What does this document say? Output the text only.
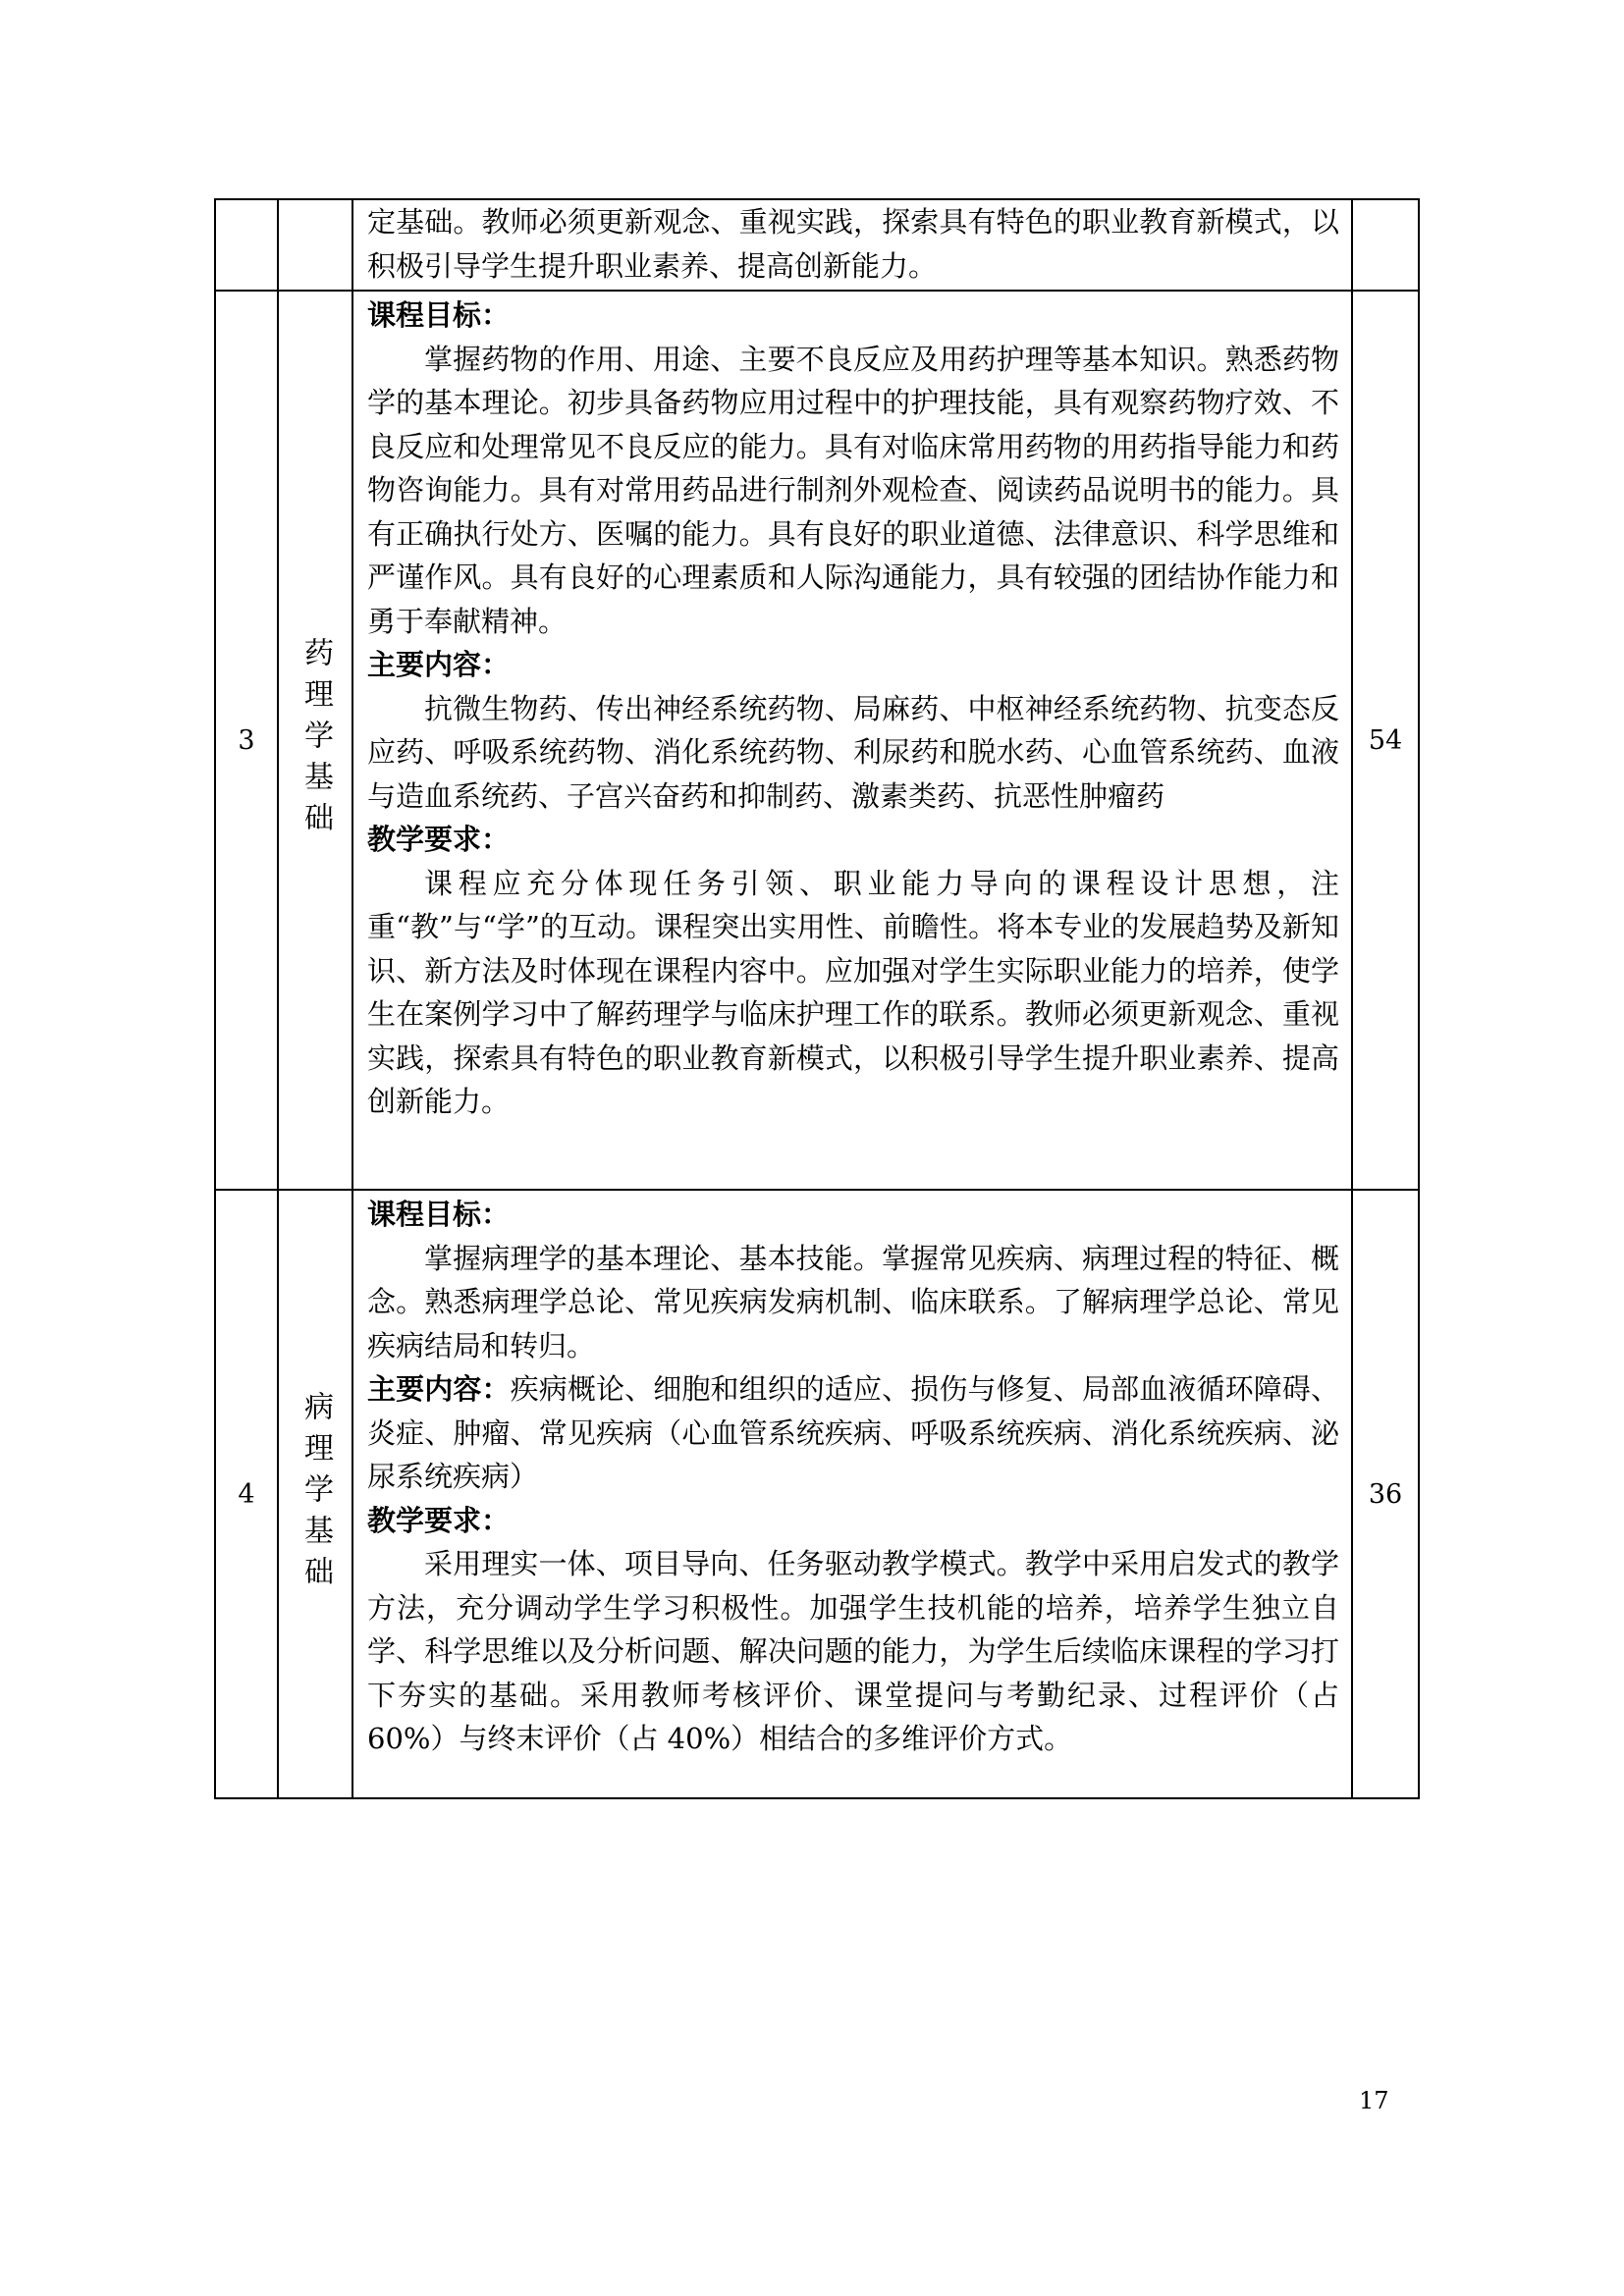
定基础。教师必须更新观念、重视实践，探索具有特色的职业教育新模式，以积极引导学生提升职业素养、提高创新能力。

3	药理学基础

课程目标：

掌握药物的作用、用途、主要不良反应及用药护理等基本知识。熟悉药物学的基本理论。初步具备药物应用过程中的护理技能，具有观察药物疗效、不良反应和处理常见不良反应的能力。具有对临床常用药物的用药指导能力和药物咨询能力。具有对常用药品进行制剂外观检查、阅读药品说明书的能力。具有正确执行处方、医嘱的能力。具有良好的职业道德、法律意识、科学思维和严谨作风。具有良好的心理素质和人际沟通能力，具有较强的团结协作能力和勇于奉献精神。

主要内容：

抗微生物药、传出神经系统药物、局麻药、中枢神经系统药物、抗变态反应药、呼吸系统药物、消化系统药物、利尿药和脱水药、心血管系统药、血液与造血系统药、子宫兴奋药和抑制药、激素类药、抗恶性肿瘤药

教学要求：

课程应充分体现任务引领、职业能力导向的课程设计思想，注重“教”与“学”的互动。课程突出实用性、前瞻性。将本专业的发展趋势及新知识、新方法及时体现在课程内容中。应加强对学生实际职业能力的培养，使学生在案例学习中了解药理学与临床护理工作的联系。教师必须更新观念、重视实践，探索具有特色的职业教育新模式，以积极引导学生提升职业素养、提高创新能力。

54
4	病理学基础

课程目标：

掌握病理学的基本理论、基本技能。掌握常见疾病、病理过程的特征、概念。熟悉病理学总论、常见疾病发病机制、临床联系。了解病理学总论、常见疾病结局和转归。

主要内容：疾病概论、细胞和组织的适应、损伤与修复、局部血液循环障碍、炎症、肿瘤、常见疾病（心血管系统疾病、呼吸系统疾病、消化系统疾病、泌尿系统疾病）

教学要求：

采用理实一体、项目导向、任务驱动教学模式。教学中采用启发式的教学方法，充分调动学生学习积极性。加强学生技机能的培养，培养学生独立自学、科学思维以及分析问题、解决问题的能力，为学生后续临床课程的学习打下夯实的基础。采用教师考核评价、课堂提问与考勤纪录、过程评价（占 60%）与终末评价（占 40%）相结合的多维评价方式。

36
17
